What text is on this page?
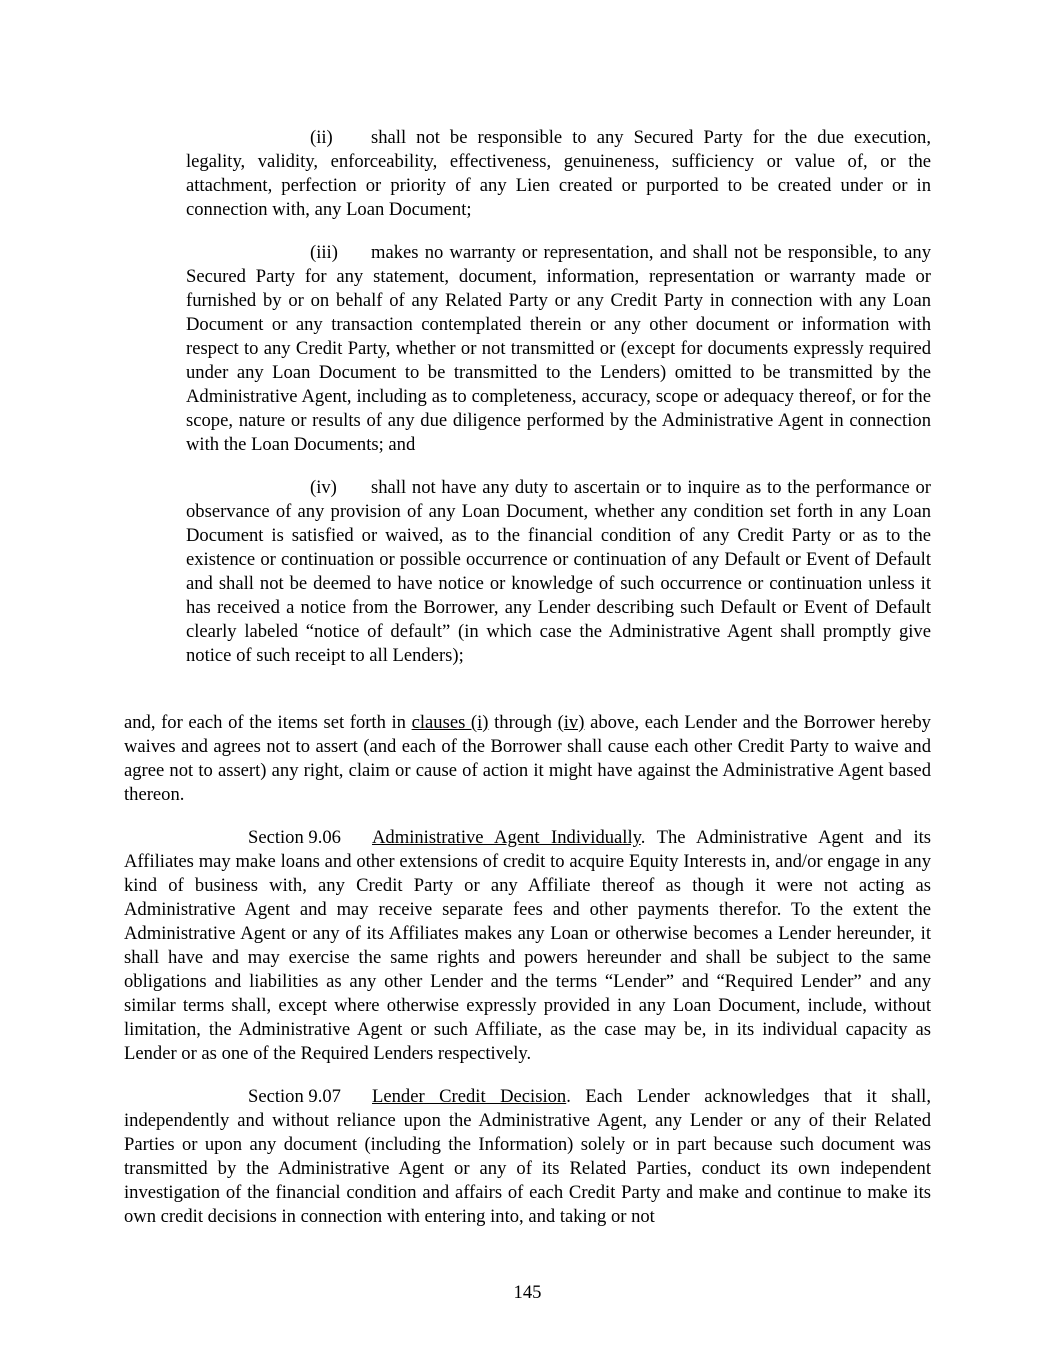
(ii) shall not be responsible to any Secured Party for the due execution, legality, validity, enforceability, effectiveness, genuineness, sufficiency or value of, or the attachment, perfection or priority of any Lien created or purported to be created under or in connection with, any Loan Document;

(iii) makes no warranty or representation, and shall not be responsible, to any Secured Party for any statement, document, information, representation or warranty made or furnished by or on behalf of any Related Party or any Credit Party in connection with any Loan Document or any transaction contemplated therein or any other document or information with respect to any Credit Party, whether or not transmitted or (except for documents expressly required under any Loan Document to be transmitted to the Lenders) omitted to be transmitted by the Administrative Agent, including as to completeness, accuracy, scope or adequacy thereof, or for the scope, nature or results of any due diligence performed by the Administrative Agent in connection with the Loan Documents; and

(iv) shall not have any duty to ascertain or to inquire as to the performance or observance of any provision of any Loan Document, whether any condition set forth in any Loan Document is satisfied or waived, as to the financial condition of any Credit Party or as to the existence or continuation or possible occurrence or continuation of any Default or Event of Default and shall not be deemed to have notice or knowledge of such occurrence or continuation unless it has received a notice from the Borrower, any Lender describing such Default or Event of Default clearly labeled “notice of default” (in which case the Administrative Agent shall promptly give notice of such receipt to all Lenders);

and, for each of the items set forth in clauses (i) through (iv) above, each Lender and the Borrower hereby waives and agrees not to assert (and each of the Borrower shall cause each other Credit Party to waive and agree not to assert) any right, claim or cause of action it might have against the Administrative Agent based thereon.

Section 9.06 Administrative Agent Individually. The Administrative Agent and its Affiliates may make loans and other extensions of credit to acquire Equity Interests in, and/or engage in any kind of business with, any Credit Party or any Affiliate thereof as though it were not acting as Administrative Agent and may receive separate fees and other payments therefor. To the extent the Administrative Agent or any of its Affiliates makes any Loan or otherwise becomes a Lender hereunder, it shall have and may exercise the same rights and powers hereunder and shall be subject to the same obligations and liabilities as any other Lender and the terms “Lender” and “Required Lender” and any similar terms shall, except where otherwise expressly provided in any Loan Document, include, without limitation, the Administrative Agent or such Affiliate, as the case may be, in its individual capacity as Lender or as one of the Required Lenders respectively.

Section 9.07 Lender Credit Decision. Each Lender acknowledges that it shall, independently and without reliance upon the Administrative Agent, any Lender or any of their Related Parties or upon any document (including the Information) solely or in part because such document was transmitted by the Administrative Agent or any of its Related Parties, conduct its own independent investigation of the financial condition and affairs of each Credit Party and make and continue to make its own credit decisions in connection with entering into, and taking or not

145
